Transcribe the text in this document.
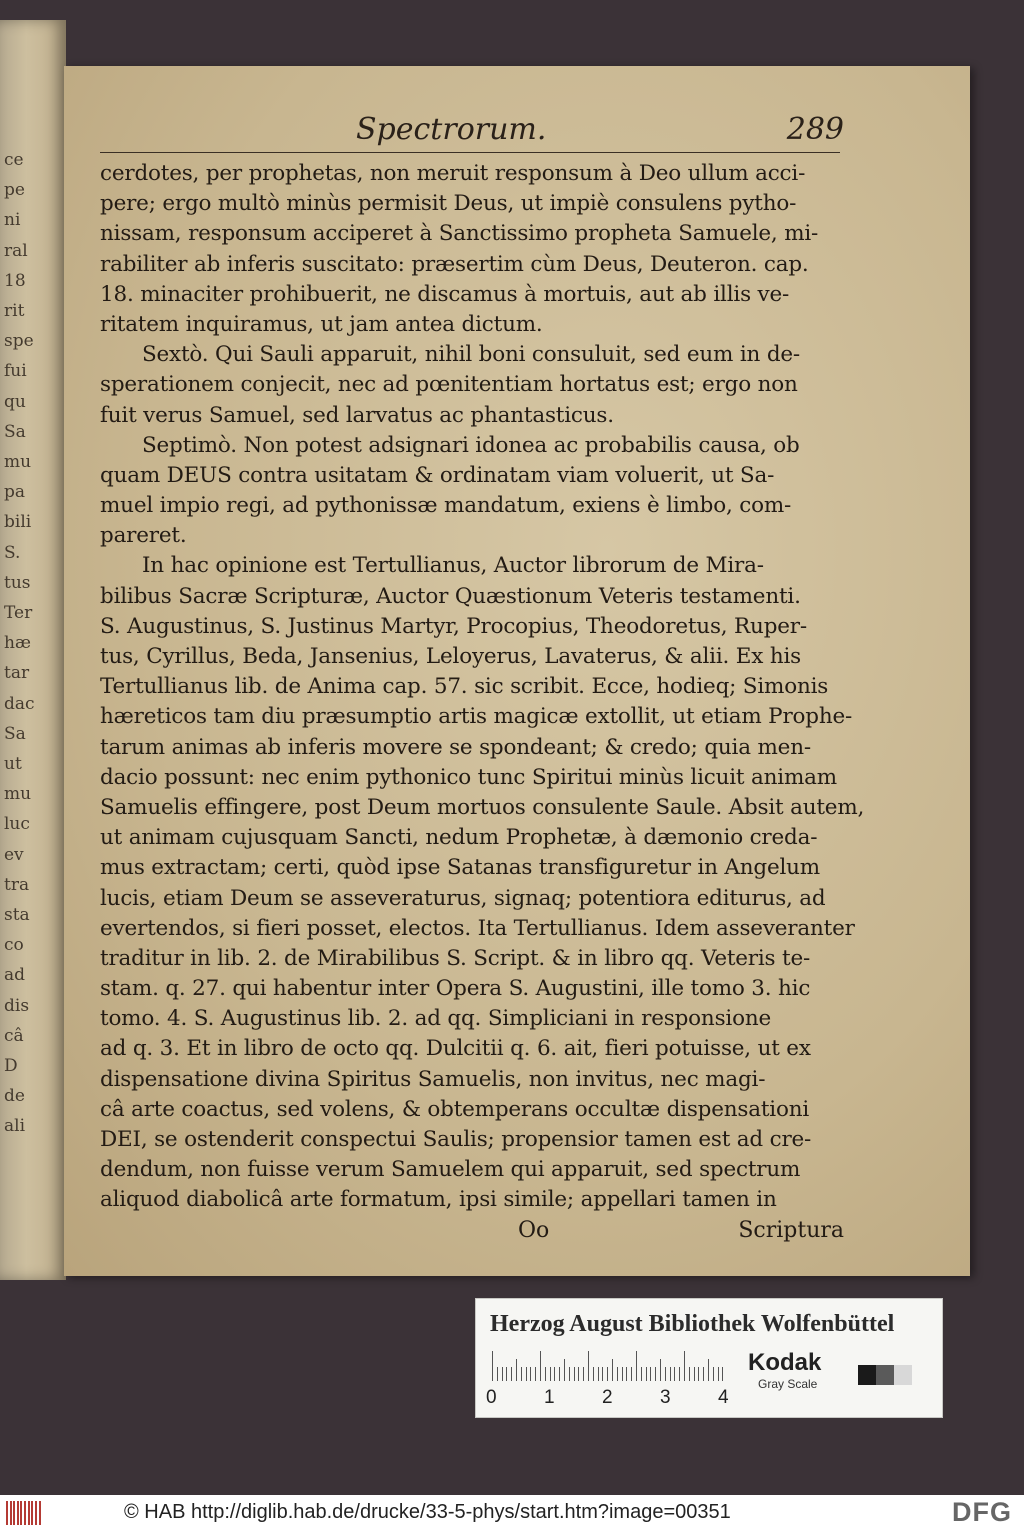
ce
pe
ni
ral
18
rit
spe
fui
qu
Sa
mu
pa
bili
S.
tus
Ter
hæ
tar
dac
Sa
ut
mu
luc
ev
tra
sta
co
ad
dis
câ
D
de
ali
Spectrorum.	289
cerdotes, per prophetas, non meruit responsum à Deo ullum acci-
pere; ergo multò minùs permisit Deus, ut impiè consulens pytho-
nissam, responsum acciperet à Sanctissimo propheta Samuele, mi-
rabiliter ab inferis suscitato: præsertim cùm Deus, Deuteron. cap.
18. minaciter prohibuerit, ne discamus à mortuis, aut ab illis ve-
ritatem inquiramus, ut jam antea dictum.
Sextò. Qui Sauli apparuit, nihil boni consuluit, sed eum in de-
sperationem conjecit, nec ad pœnitentiam hortatus est; ergo non
fuit verus Samuel, sed larvatus ac phantasticus.
Septimò. Non potest adsignari idonea ac probabilis causa, ob
quam DEUS contra usitatam & ordinatam viam voluerit, ut Sa-
muel impio regi, ad pythonissæ mandatum, exiens è limbo, com-
pareret.
In hac opinione est Tertullianus, Auctor librorum de Mira-
bilibus Sacræ Scripturæ, Auctor Quæstionum Veteris testamenti.
S. Augustinus, S. Justinus Martyr, Procopius, Theodoretus, Ruper-
tus, Cyrillus, Beda, Jansenius, Leloyerus, Lavaterus, & alii. Ex his
Tertullianus lib. de Anima cap. 57. sic scribit. Ecce, hodieq; Simonis
hæreticos tam diu præsumptio artis magicæ extollit, ut etiam Prophe-
tarum animas ab inferis movere se spondeant; & credo; quia men-
dacio possunt: nec enim pythonico tunc Spiritui minùs licuit animam
Samuelis effingere, post Deum mortuos consulente Saule. Absit autem,
ut animam cujusquam Sancti, nedum Prophetæ, à dæmonio creda-
mus extractam; certi, quòd ipse Satanas transfiguretur in Angelum
lucis, etiam Deum se asseveraturus, signaq; potentiora editurus, ad
evertendos, si fieri posset, electos. Ita Tertullianus. Idem asseveranter
traditur in lib. 2. de Mirabilibus S. Script. & in libro qq. Veteris te-
stam. q. 27. qui habentur inter Opera S. Augustini, ille tomo 3. hic
tomo. 4. S. Augustinus lib. 2. ad qq. Simpliciani in responsione
ad q. 3. Et in libro de octo qq. Dulcitii q. 6. ait, fieri potuisse, ut ex
dispensatione divina Spiritus Samuelis, non invitus, nec magi-
câ arte coactus, sed volens, & obtemperans occultæ dispensationi
DEI, se ostenderit conspectui Saulis; propensior tamen est ad cre-
dendum, non fuisse verum Samuelem qui apparuit, sed spectrum
aliquod diabolicâ arte formatum, ipsi simile; appellari tamen in
Oo	Scriptura
Herzog August Bibliothek Wolfenbüttel
0 1 2 3 4
Kodak
Gray Scale
© HAB http://diglib.hab.de/drucke/33-5-phys/start.htm?image=00351	DFG
